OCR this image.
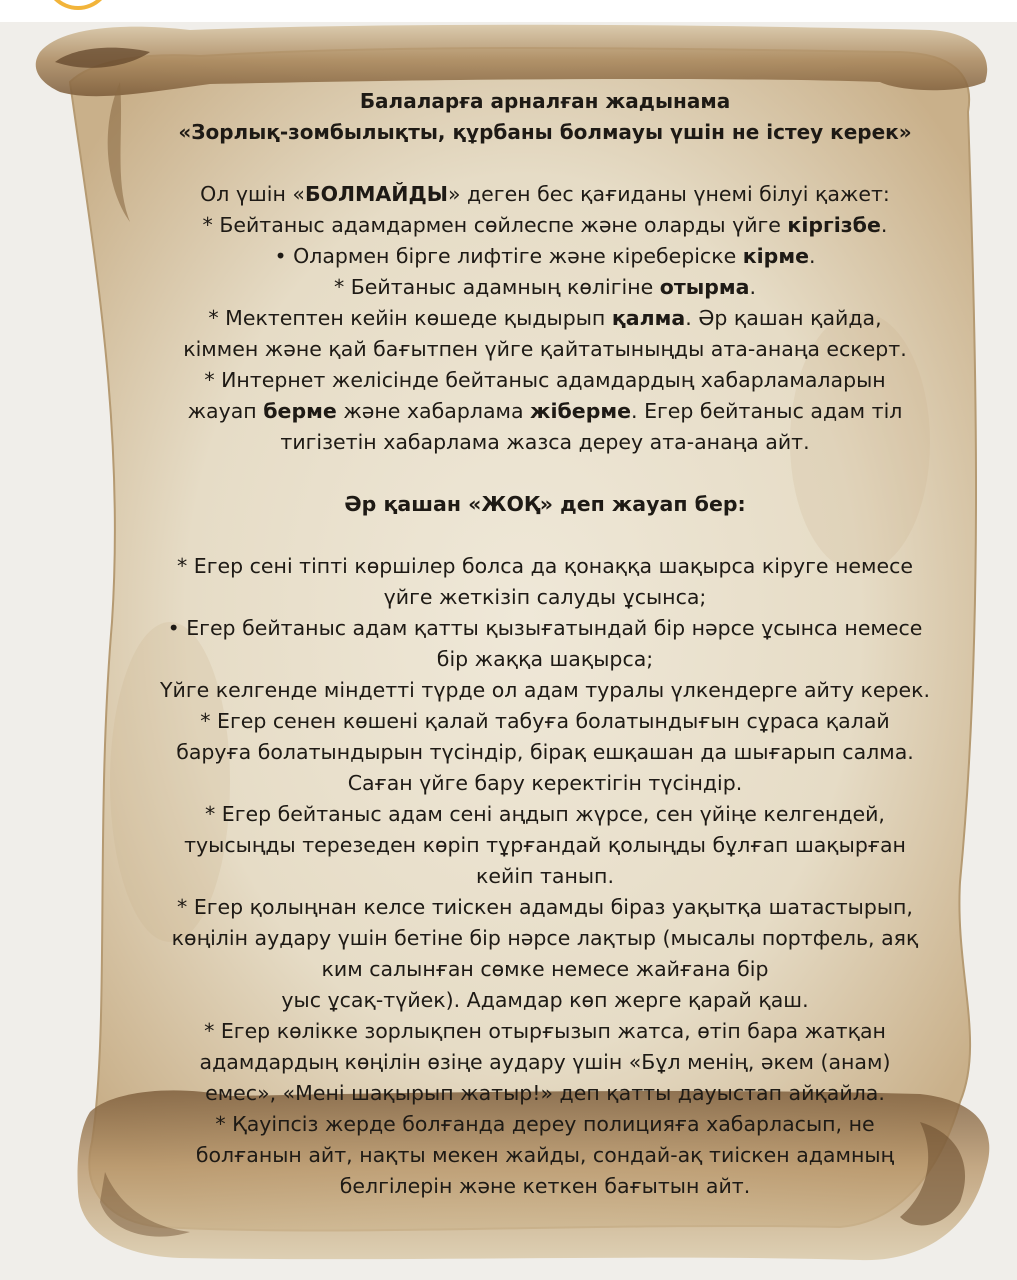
Балаларға арналған жадынама
«Зорлық-зомбылықты, құрбаны болмауы үшін не істеу керек»
Ол үшін «БОЛМАЙДЫ» деген бес қағиданы үнемі білуі қажет:
* Бейтаныс адамдармен сөйлеспе және оларды үйге кіргізбе.
• Олармен бірге лифтіге және кіреберіске кірме.
* Бейтаныс адамның көлігіне отырма.
* Мектептен кейін көшеде қыдырып қалма. Әр қашан қайда,
кіммен және қай бағытпен үйге қайтатыныңды ата-анаңа ескерт.
* Интернет желісінде бейтаныс адамдардың хабарламаларын
жауап берме және хабарлама жіберме. Егер бейтаныс адам тіл
тигізетін хабарлама жазса дереу ата-анаңа айт.
Әр қашан «ЖОҚ» деп жауап бер:
* Егер сені тіпті көршілер болса да қонаққа шақырса кіруге немесе
үйге жеткізіп салуды ұсынса;
• Егер бейтаныс адам қатты қызығатындай бір нәрсе ұсынса немесе
бір жаққа шақырса;
Үйге келгенде міндетті түрде ол адам туралы үлкендерге айту керек.
* Егер сенен көшені қалай табуға болатындығын сұраса қалай
баруға болатындырын түсіндір, бірақ ешқашан да шығарып салма.
Саған үйге бару керектігін түсіндір.
* Егер бейтаныс адам сені аңдып жүрсе, сен үйіңе келгендей,
туысыңды терезеден көріп тұрғандай қолыңды бұлғап шақырған
кейіп танып.
* Егер қолыңнан келсе тиіскен адамды біраз уақытқа шатастырып,
көңілін аудару үшін бетіне бір нәрсе лақтыр (мысалы портфель, аяқ
ким салынған сөмке немесе жайғана бір
уыс ұсақ-түйек). Адамдар көп жерге қарай қаш.
* Егер көлікке зорлықпен отырғызып жатса, өтіп бара жатқан
адамдардың көңілін өзіңе аудару үшін «Бұл менің, әкем (анам)
емес», «Мені шақырып жатыр!» деп қатты дауыстап айқайла.
* Қауіпсіз жерде болғанда дереу полицияға хабарласып, не
болғанын айт, нақты мекен жайды, сондай-ақ тиіскен адамның
белгілерін және кеткен бағытын айт.
